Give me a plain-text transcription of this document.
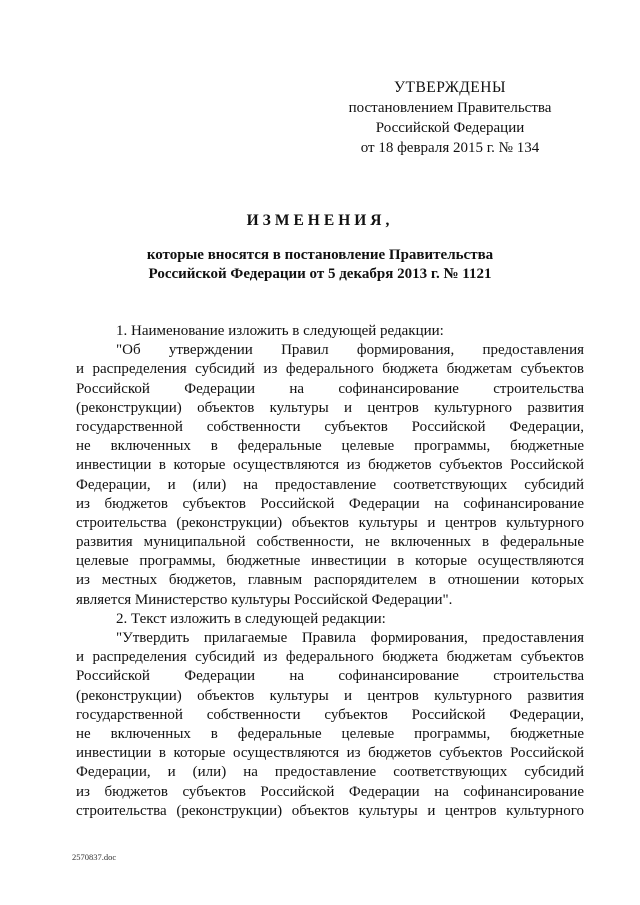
УТВЕРЖДЕНЫ
постановлением Правительства
Российской Федерации
от 18 февраля 2015 г. № 134
ИЗМЕНЕНИЯ,
которые вносятся в постановление Правительства
Российской Федерации от 5 декабря 2013 г. № 1121
1. Наименование изложить в следующей редакции:
"Об утверждении Правил формирования, предоставления
и распределения субсидий из федерального бюджета бюджетам субъектов
Российской Федерации на софинансирование строительства
(реконструкции) объектов культуры и центров культурного развития
государственной собственности субъектов Российской Федерации,
не включенных в федеральные целевые программы, бюджетные
инвестиции в которые осуществляются из бюджетов субъектов Российской
Федерации, и (или) на предоставление соответствующих субсидий
из бюджетов субъектов Российской Федерации на софинансирование
строительства (реконструкции) объектов культуры и центров культурного
развития муниципальной собственности, не включенных в федеральные
целевые программы, бюджетные инвестиции в которые осуществляются
из местных бюджетов, главным распорядителем в отношении которых
является Министерство культуры Российской Федерации".
2. Текст изложить в следующей редакции:
"Утвердить прилагаемые Правила формирования, предоставления
и распределения субсидий из федерального бюджета бюджетам субъектов
Российской Федерации на софинансирование строительства
(реконструкции) объектов культуры и центров культурного развития
государственной собственности субъектов Российской Федерации,
не включенных в федеральные целевые программы, бюджетные
инвестиции в которые осуществляются из бюджетов субъектов Российской
Федерации, и (или) на предоставление соответствующих субсидий
из бюджетов субъектов Российской Федерации на софинансирование
строительства (реконструкции) объектов культуры и центров культурного
2570837.doc
